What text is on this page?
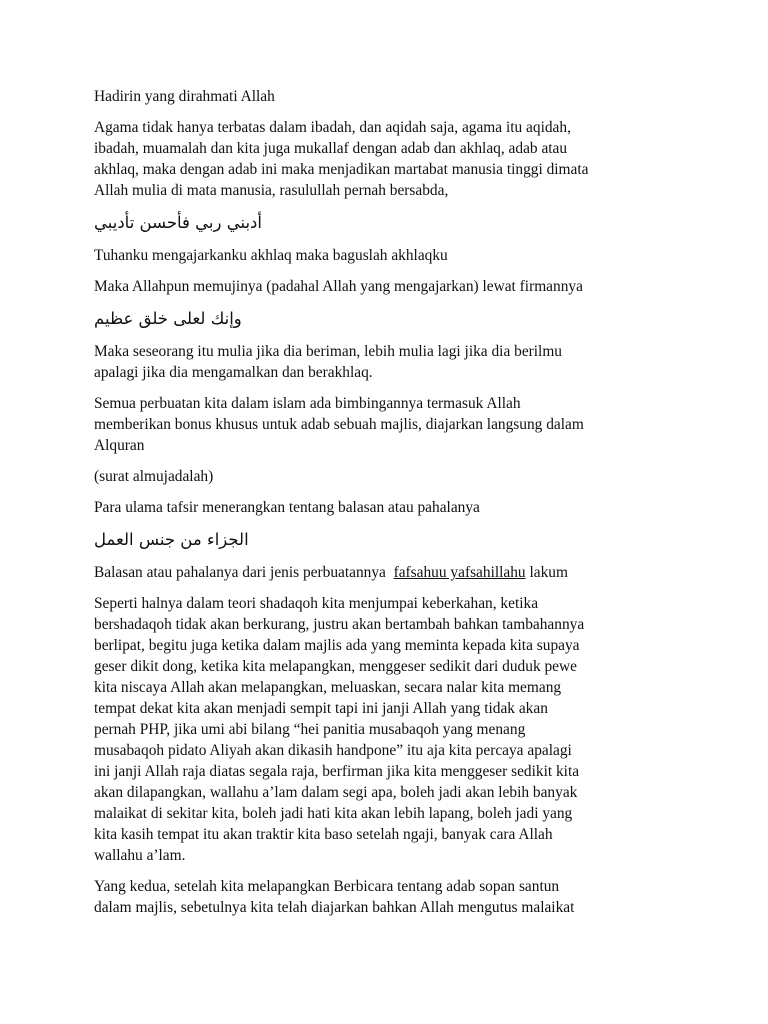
Hadirin yang dirahmati Allah

Agama tidak hanya terbatas dalam ibadah, dan aqidah saja, agama itu aqidah,
ibadah, muamalah dan kita juga mukallaf dengan adab dan akhlaq, adab atau
akhlaq, maka dengan adab ini maka menjadikan martabat manusia tinggi dimata
Allah mulia di mata manusia, rasulullah pernah bersabda,

أدبني ربي فأحسن تأديبي

Tuhanku mengajarkanku akhlaq maka baguslah akhlaqku

Maka Allahpun memujinya (padahal Allah yang mengajarkan) lewat firmannya

وإنك لعلى خلق عظيم

Maka seseorang itu mulia jika dia beriman, lebih mulia lagi jika dia berilmu
apalagi jika dia mengamalkan dan berakhlaq.

Semua perbuatan kita dalam islam ada bimbingannya termasuk Allah
memberikan bonus khusus untuk adab sebuah majlis, diajarkan langsung dalam
Alquran

(surat almujadalah)

Para ulama tafsir menerangkan tentang balasan atau pahalanya

الجزاء من جنس العمل

Balasan atau pahalanya dari jenis perbuatannya fafsahuu yafsahillahu lakum

Seperti halnya dalam teori shadaqoh kita menjumpai keberkahan, ketika
bershadaqoh tidak akan berkurang, justru akan bertambah bahkan tambahannya
berlipat, begitu juga ketika dalam majlis ada yang meminta kepada kita supaya
geser dikit dong, ketika kita melapangkan, menggeser sedikit dari duduk pewe
kita niscaya Allah akan melapangkan, meluaskan, secara nalar kita memang
tempat dekat kita akan menjadi sempit tapi ini janji Allah yang tidak akan
pernah PHP, jika umi abi bilang “hei panitia musabaqoh yang menang
musabaqoh pidato Aliyah akan dikasih handpone” itu aja kita percaya apalagi
ini janji Allah raja diatas segala raja, berfirman jika kita menggeser sedikit kita
akan dilapangkan, wallahu a’lam dalam segi apa, boleh jadi akan lebih banyak
malaikat di sekitar kita, boleh jadi hati kita akan lebih lapang, boleh jadi yang
kita kasih tempat itu akan traktir kita baso setelah ngaji, banyak cara Allah
wallahu a’lam.

Yang kedua, setelah kita melapangkan Berbicara tentang adab sopan santun
dalam majlis, sebetulnya kita telah diajarkan bahkan Allah mengutus malaikat
